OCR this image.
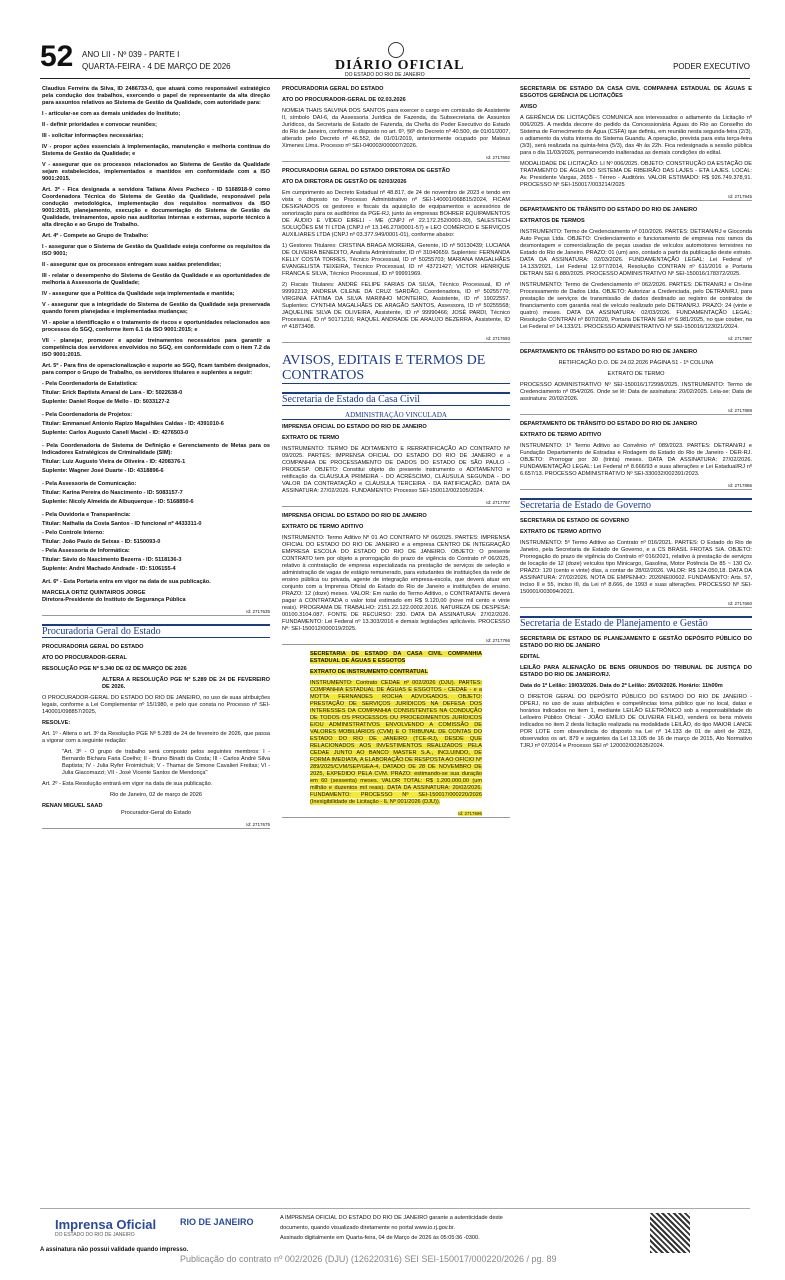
52 ANO LII - Nº 039 - PARTE I
QUARTA-FEIRA - 4 DE MARÇO DE 2026	DIÁRIO OFICIAL
DO ESTADO DO RIO DE JANEIRO
PODER EXECUTIVO

Claudius Ferreira da Silva, ID 2486733-0, que atuará como responsável estratégico pela condução dos trabalhos, exercendo o papel de representante da alta direção para assuntos relativos ao Sistema de Gestão da Qualidade, com autoridade para:

I - articular-se com as demais unidades do Instituto;

II - definir prioridades e convocar reuniões;

III - solicitar informações necessárias;

IV - propor ações essenciais à implementação, manutenção e melhoria contínua do Sistema de Gestão da Qualidade; e

V - assegurar que os processos relacionados ao Sistema de Gestão da Qualidade sejam estabelecidos, implementados e mantidos em conformidade com a ISO 9001:2015.

Art. 3º - Fica designada a servidora Tatiana Alves Pacheco - ID 5168918-9 como Coordenadora Técnica do Sistema de Gestão da Qualidade, responsável pela condução metodológica, implementação dos requisitos normativos da ISO 9001:2015, planejamento, execução e documentação do Sistema de Gestão da Qualidade, treinamentos, apoio nas auditorias internas e externas, suporte técnico à alta direção e ao Grupo de Trabalho.

Art. 4º - Compete ao Grupo de Trabalho:

I - assegurar que o Sistema de Gestão da Qualidade esteja conforme os requisitos da ISO 9001;

II - assegurar que os processos entregam suas saídas pretendidas;

III - relatar o desempenho do Sistema de Gestão da Qualidade e as oportunidades de melhoria à Assessoria de Qualidade;

IV - assegurar que a Política da Qualidade seja implementada e mantida;

V - assegurar que a integridade do Sistema de Gestão da Qualidade seja preservada quando forem planejadas e implementadas mudanças;

VI - apoiar a identificação e o tratamento de riscos e oportunidades relacionados aos processos do SGQ, conforme item 6.1 da ISO 9001:2015; e

VII - planejar, promover e apoiar treinamentos necessários para garantir a competência dos servidores envolvidos no SGQ, em conformidade com o item 7.2 da ISO 9001:2015.

Art. 5º - Para fins de operacionalização e suporte ao SGQ, ficam também designados, para compor o Grupo de Trabalho, os servidores titulares e suplentes a seguir:

- Pela Coordenadoria de Estatística:

Titular: Erick Baptista Amaral de Lara - ID: 5022638-0

Suplente: Daniel Roque de Mello - ID: 5033127-2

- Pela Coordenadoria de Projetos:

Titular: Emmanuel Antonio Rapizo Magalhães Caldas - ID: 4391010-6

Suplente: Carlos Augusto Caneli Maciel - ID: 4276503-0

- Pela Coordenadoria de Sistema de Definição e Gerenciamento de Metas para os Indicadores Estratégicos de Criminalidade (SIM):

Titular: Luiz Augusto Vieira de Oliveira - ID: 4208376-1

Suplente: Wagner José Duarte - ID: 4318896-6

- Pela Assessoria de Comunicação:

Titular: Karina Pereira do Nascimento - ID: 5083157-7

Suplente: Nicoly Almeida de Albuquerque - ID: 5168850-6

- Pela Ouvidoria e Transparência:

Titular: Nathalia da Costa Santos - ID funcional nº 4433311-0

- Pelo Controle Interno:

Titular: João Paulo de Seixas - ID: 5150093-0

- Pela Assessoria de Informática:

Titular: Sávio do Nascimento Bezerra - ID: 5118136-3

Suplente: André Machado Andrade - ID: 5106155-4

Art. 6º - Esta Portaria entra em vigor na data de sua publicação.

MARCELA ORTIZ QUINTAIROS JORGE

Diretora-Presidente do Instituto de Segurança Pública

Id: 2717635
Procuradoria Geral do Estado

PROCURADORIA GERAL DO ESTADO

ATO DO PROCURADOR-GERAL

RESOLUÇÃO PGE Nº 5.340 DE 02 DE MARÇO DE 2026

ALTERA A RESOLUÇÃO PGE Nº 5.289 DE 24 DE FEVEREIRO DE 2026.

O PROCURADOR-GERAL DO ESTADO DO RIO DE JANEIRO, no uso de suas atribuições legais, conforme a Lei Complementar nº 15/1980, e pelo que consta no Processo nº SEI-140001/098857/2025,

RESOLVE:

Art. 1º - Altera o art. 3º da Resolução PGE Nº 5.289 de 24 de fevereiro de 2026, que passa a vigorar com a seguinte redação:

"Art. 3º - O grupo de trabalho será composto pelos seguintes membros: I - Bernardo Bichara Faria Coelho; II - Bruno Binatti da Costa; III - Carlos André Silva Baptista; IV - Julia Ryfer Froimtchuk; V - Thamar de Simone Cavalieri Freitas; VI - Julia Giacomazzi; VII - José Vicente Santos de Mendonça"

Art. 2º - Esta Resolução entrará em vigor na data de sua publicação.

Rio de Janeiro, 02 de março de 2026

RENAN MIGUEL SAAD

Procurador-Geral do Estado

Id: 2717675

PROCURADORIA GERAL DO ESTADO

ATO DO PROCURADOR-GERAL DE 02.03.2026

NOMEIA THAIS SALVINA DOS SANTOS para exercer o cargo em comissão de Assistente II, símbolo DAI-6, da Assessoria Jurídica de Fazenda, da Subsecretaria de Assuntos Jurídicos, da Secretaria de Estado de Fazenda, da Chefia do Poder Executivo do Estado do Rio de Janeiro, conforme o disposto no art. 6º, §6º do Decreto nº 40.500, de 01/01/2007, alterado pelo Decreto nº 46.552, de 01/01/2019, anteriormente ocupado por Mateus Ximenes Lima. Processo nº SEI-040003/000007/2026.

Id: 2717692

PROCURADORIA GERAL DO ESTADO DIRETORIA DE GESTÃO

ATO DA DIRETORA DE GESTÃO DE 02/03/2026

Em cumprimento ao Decreto Estadual nº 48.817, de 24 de novembro de 2023 e tendo em vista o disposto no Processo Administrativo nº SEI-140001/068815/2024, FICAM DESIGNADOS os gestores e fiscais da aquisição de equipamentos e acessórios de sonorização para os auditórios da PGE-RJ, junto às empresas BOHRER EQUIPAMENTOS DE ÁUDIO E VÍDEO EIRELI - ME (CNPJ nº 22.172.252/0001-30), SALESTECH SOLUÇÕES EM TI LTDA (CNPJ nº 13.146.270/0001-57) e LEO COMÉRCIO E SERVIÇOS AUXILIARES LTDA (CNPJ nº 03.377.949/0001-01), conforme abaixo:

1) Gestores Titulares: CRISTINA BRAGA MOREIRA, Gerente, ID nº 50130439; LUCIANA DE OLIVEIRA BENEDITO, Analista Administrador, ID nº 31040659. Suplentes: FERNANDA KELLY COSTA TORRES, Técnico Processual, ID nº 50255703; MARIANA MAGALHÃES EVANGELISTA TEIXEIRA, Técnico Processual, ID nº 43721427; VICTOR HENRIQUE FRANCA E SILVA, Técnico Processual, ID nº 99991969.

2) Fiscais Titulares: ANDRÉ FELIPE FARIAS DA SILVA, Técnico Processual, ID nº 99992213; ANDREIA CILENE DA CRUZ SARDÃO, Coordenadora, ID nº 50255770; VIRGINIA FÁTIMA DA SILVA MARINHO MONTEIRO, Assistente, ID nº 19022557. Suplentes: CYNTHIA MAGALHÃES DE ARAGÃO SANTOS, Assessora, ID nº 50255568; JAQUELINE SILVA DE OLIVEIRA, Assistente, ID nº 99990466; JOSÉ PARDI, Técnico Processual, ID nº 50171216; RAQUEL ANDRADE DE ARAUJO BEZERRA, Assistente, ID nº 41873408.

Id: 2717693
AVISOS, EDITAIS E TERMOS DE CONTRATOS
Secretaria de Estado da Casa Civil
ADMINISTRAÇÃO VINCULADA

IMPRENSA OFICIAL DO ESTADO DO RIO DE JANEIRO

EXTRATO DE TERMO

INSTRUMENTO: TERMO DE ADITAMENTO E RERRATIFICAÇÃO AO CONTRATO Nº 09/2025. PARTES: IMPRENSA OFICIAL DO ESTADO DO RIO DE JANEIRO e a COMPANHIA DE PROCESSAMENTO DE DADOS DO ESTADO DE SÃO PAULO - PRODESP. OBJETO: Constitui objeto do presente instrumento o ADITAMENTO e retificação da CLÁUSULA PRIMEIRA - DO ACRÉSCIMO, CLÁUSULA SEGUNDA - DO VALOR DA CONTRATAÇÃO e CLÁUSULA TERCEIRA - DA RATIFICAÇÃO. DATA DA ASSINATURA: 27/02/2026. FUNDAMENTO: Processo SEI-150012/002105/2024.

Id: 2717767

IMPRENSA OFICIAL DO ESTADO DO RIO DE JANEIRO

EXTRATO DE TERMO ADITIVO

INSTRUMENTO: Termo Aditivo Nº 01 AO CONTRATO Nº 06/2025. PARTES: IMPRENSA OFICIAL DO ESTADO DO RIO DE JANEIRO e a empresa CENTRO DE INTEGRAÇÃO EMPRESA ESCOLA DO ESTADO DO RIO DE JANEIRO. OBJETO: O presente CONTRATO tem por objeto a prorrogação do prazo de vigência do Contrato nº 06/2025, relativo à contratação de empresa especializada na prestação de serviços de seleção e administração de vagas de estágio remunerado, para estudantes de instituições da rede de ensino pública ou privada, agente de integração empresa-escola, que deverá atuar em conjunto com a Imprensa Oficial do Estado do Rio de Janeiro e instituições de ensino. PRAZO: 12 (doze) meses. VALOR: Em razão do Termo Aditivo, o CONTRATANTE deverá pagar à CONTRATADA o valor total estimado em R$ 9.120,00 (nove mil cento e vinte reais). PROGRAMA DE TRABALHO: 2151.22.122.0002.2016. NATUREZA DE DESPESA: 00100.3104.087. FONTE DE RECURSO: 230. DATA DA ASSINATURA: 27/02/2026. FUNDAMENTO: Lei Federal nº 13.303/2016 e demais legislações aplicáveis. PROCESSO Nº: SEI-150012/000019/2025.

Id: 2717766

SECRETARIA DE ESTADO DA CASA CIVIL COMPANHIA ESTADUAL DE ÁGUAS E ESGOTOS

EXTRATO DE INSTRUMENTO CONTRATUAL

INSTRUMENTO: Contrato CEDAE nº 002/2026 (DJU). PARTES: COMPANHIA ESTADUAL DE ÁGUAS E ESGOTOS - CEDAE - e a MOTTA FERNANDES ROCHA ADVOGADOS. OBJETO: PRESTAÇÃO DE SERVIÇOS JURÍDICOS NA DEFESA DOS INTERESSES DA COMPANHIA CONSISTENTES NA CONDUÇÃO DE TODOS OS PROCESSOS OU PROCEDIMENTOS JURÍDICOS E/OU ADMINISTRATIVOS ENVOLVENDO A COMISSÃO DE VALORES MOBILIÁRIOS (CVM) E O TRIBUNAL DE CONTAS DO ESTADO DO RIO DE JANEIRO (TCE-RJ), DESDE QUE RELACIONADOS AOS INVESTIMENTOS REALIZADOS PELA CEDAE JUNTO AO BANCO MASTER S.A., INCLUINDO, DE FORMA IMEDIATA, A ELABORAÇÃO DE RESPOSTA AO OFÍCIO Nº 289/2025/CVM/SEP/GEA-4, DATADO DE 28 DE NOVEMBRO DE 2025, EXPEDIDO PELA CVM. PRAZO: estimando-se sua duração em 60 (sessenta) meses. VALOR TOTAL: R$ 1.200.000,00 (um milhão e duzentos mil reais). DATA DA ASSINATURA: 20/02/2026. FUNDAMENTO: PROCESSO Nº SEI-150017/000220/2026 (Inexigibilidade de Licitação - IL Nº 001/2026 (DJU)).

Id: 2717696

SECRETARIA DE ESTADO DA CASA CIVIL COMPANHIA ESTADUAL DE ÁGUAS E ESGOTOS GERÊNCIA DE LICITAÇÕES

AVISO

A GERÊNCIA DE LICITAÇÕES COMUNICA aos interessados o adiamento da Licitação nº 006/2025. A medida decorre do pedido da Concessionária Águas do Rio ao Conselho do Sistema de Fornecimento de Água (CSFA) que definiu, em reunião nesta segunda-feira (2/3), o adiamento da visita interna do Sistema Guandu. A operação, prevista para esta terça-feira (3/3), será realizada na quinta-feira (5/3), das 4h às 22h. Fica redesignada a sessão pública para o dia 11/03/2026, permanecendo inalteradas as demais condições do edital.

MODALIDADE DE LICITAÇÃO: LI Nº 006/2025. OBJETO: CONSTRUÇÃO DA ESTAÇÃO DE TRATAMENTO DE ÁGUA DO SISTEMA DE RIBEIRÃO DAS LAJES - ETA LAJES. LOCAL: Av. Presidente Vargas, 2655 - Térreo - Auditório. VALOR ESTIMADO: R$ 926.749.378,91. PROCESSO Nº SEI-150017/003214/2025

Id: 2717945

DEPARTAMENTO DE TRÂNSITO DO ESTADO DO RIO DE JANEIRO

EXTRATOS DE TERMOS

INSTRUMENTO: Termo de Credenciamento nº 010/2026. PARTES: DETRAN/RJ e Gioconda Auto Peças Ltda. OBJETO: Credenciamento e funcionamento de empresa nos ramos da desmontagem e comercialização de peças usadas de veículos automotores terrestres no Estado do Rio de Janeiro. PRAZO: 01 (um) ano, contado a partir da publicação deste extrato. DATA DA ASSINATURA: 02/03/2026. FUNDAMENTAÇÃO LEGAL: Lei Federal nº 14.133/2021, Lei Federal 12.977/2014, Resolução CONTRAN nº 611/2016 e Portaria DETRAN SEI 6.880/2025. PROCESSO ADMINISTRATIVO Nº SEI-150016/178372/2025.

INSTRUMENTO: Termo de Credenciamento nº 062/2026. PARTES: DETRAN/RJ e On-line Processamento de Dados Ltda. OBJETO: Autorizar a Credenciada, pelo DETRAN/RJ, para prestação de serviços de transmissão de dados destinado ao registro de contratos de financiamento com garantia real de veículo realizado pelo DETRAN/RJ. PRAZO: 24 (vinte e quatro) meses. DATA DA ASSINATURA: 02/03/2026. FUNDAMENTAÇÃO LEGAL: Resolução CONTRAN nº 807/2020, Portaria DETRAN SEI nº 6.981/2025, no que couber, na Lei Federal nº 14.133/21. PROCESSO ADMINISTRATIVO Nº SEI-150016/123021/2024.

Id: 2717887

DEPARTAMENTO DE TRÂNSITO DO ESTADO DO RIO DE JANEIRO

RETIFICAÇÃO D.O. DE 24.02.2026 PÁGINA 51 - 1ª COLUNA

EXTRATO DE TERMO

PROCESSO ADMINISTRATIVO Nº SEI-150016/172998/2025. INSTRUMENTO: Termo de Credenciamento nº 054/2026. Onde se lê: Data de assinatura: 20/02/2025. Leia-se: Data de assinatura: 20/02/2026.

Id: 2717888

DEPARTAMENTO DE TRÂNSITO DO ESTADO DO RIO DE JANEIRO

EXTRATO DE TERMO ADITIVO

INSTRUMENTO: 1º Termo Aditivo ao Convênio nº 089/2023. PARTES: DETRAN/RJ e Fundação Departamento de Estradas e Rodagem do Estado do Rio de Janeiro - DER-RJ. OBJETO: Prorrogar por 30 (trinta) meses. DATA DA ASSINATURA: 27/02/2026. FUNDAMENTAÇÃO LEGAL: Lei Federal nº 8.666/93 e suas alterações e Lei Estadual/RJ nº 6.657/13. PROCESSO ADMINISTRATIVO Nº SEI-330032/002391/2023.

Id: 2717886
Secretaria de Estado de Governo

SECRETARIA DE ESTADO DE GOVERNO

EXTRATO DE TERMO ADITIVO

INSTRUMENTO: 5º Termo Aditivo ao Contrato nº 016/2021. PARTES: O Estado do Rio de Janeiro, pela Secretaria de Estado de Governo, e a CS BRASIL FROTAS S/A. OBJETO: Prorrogação do prazo de vigência do Contrato nº 016/2021, relativo à prestação de serviços de locação de 12 (doze) veículos tipo Minicargo, Gasolina, Motor Potência De 85 ~ 130 Cv. PRAZO: 120 (cento e vinte) dias, a contar de 28/02/2026. VALOR: R$ 124.050,18. DATA DA ASSINATURA: 27/02/2026. NOTA DE EMPENHO: 2026NE00602. FUNDAMENTO: Arts. 57, inciso II e 55, inciso III, da Lei nº 8.666, de 1993 e suas alterações. PROCESSO Nº SEI-150001/003094/2021.

Id: 2717660
Secretaria de Estado de Planejamento e Gestão

SECRETARIA DE ESTADO DE PLANEJAMENTO E GESTÃO DEPÓSITO PÚBLICO DO ESTADO DO RIO DE JANEIRO

EDITAL

LEILÃO PARA ALIENAÇÃO DE BENS ORIUNDOS DO TRIBUNAL DE JUSTIÇA DO ESTADO DO RIO DE JANEIRO/RJ.

Data do 1º Leilão: 19/03/2026. Data do 2º Leilão: 26/03/2026. Horário: 11h00m

O DIRETOR GERAL DO DEPÓSITO PÚBLICO DO ESTADO DO RIO DE JANEIRO - DPERJ, no uso de suas atribuições e competências torna público que no local, datas e horários indicados no item 1, mediante LEILÃO ELETRÔNICO sob a responsabilidade do Leiloeiro Público Oficial - JOÃO EMÍLIO DE OLIVEIRA FILHO, venderá os bens móveis indicados no item 2 desta licitação realizada na modalidade LEILÃO, do tipo MAIOR LANCE POR LOTE com observância do disposto na Lei nº 14.133 de 01 de abril de 2023, observados os art. 879 e seguintes da Lei 13.105 de 16 de março de 2015, Ato Normativo TJRJ nº 07/2014 e Processo SEI nº 120002/002635/2024.

Imprensa Oficial
DO ESTADO DO RIO DE JANEIRO
RIO DE JANEIRO	A IMPRENSA OFICIAL DO ESTADO DO RIO DE JANEIRO garante a autenticidade deste
documento, quando visualizado diretamente no portal www.io.rj.gov.br.
Assinado digitalmente em Quarta-feira, 04 de Março de 2026 às 05:05:36 -0300.
A assinatura não possui validade quando impresso.
Publicação do contrato nº 002/2026 (DJU) (126220316) SEI SEI-150017/000220/2026 / pg. 89
